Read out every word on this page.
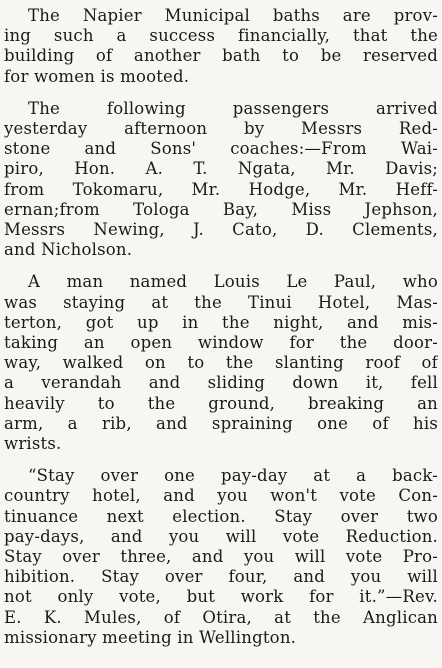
The Napier Municipal baths are prov-
ing such a success financially, that the
building of another bath to be reserved
for women is mooted.
The following passengers arrived
yesterday afternoon by Messrs Red-
stone and Sons' coaches:—From Wai-
piro, Hon. A. T. Ngata, Mr. Davis;
from Tokomaru, Mr. Hodge, Mr. Heff-
ernan;from Tologa Bay, Miss Jephson,
Messrs Newing, J. Cato, D. Clements,
and Nicholson.
A man named Louis Le Paul, who
was staying at the Tinui Hotel, Mas-
terton, got up in the night, and mis-
taking an open window for the door-
way, walked on to the slanting roof of
a verandah and sliding down it, fell
heavily to the ground, breaking an
arm, a rib, and spraining one of his
wrists.
“Stay over one pay-day at a back-
country hotel, and you won't vote Con-
tinuance next election. Stay over two
pay-days, and you will vote Reduction.
Stay over three, and you will vote Pro-
hibition. Stay over four, and you will
not only vote, but work for it.”—Rev.
E. K. Mules, of Otira, at the Anglican
missionary meeting in Wellington.
